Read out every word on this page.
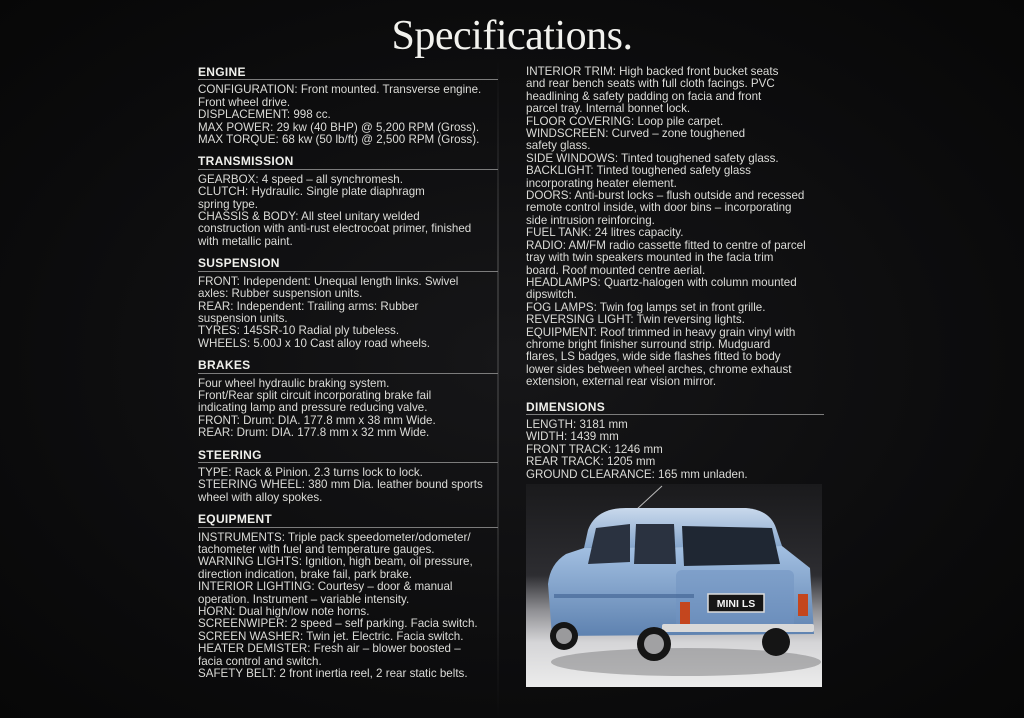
Specifications.
ENGINE
CONFIGURATION: Front mounted. Transverse engine.
Front wheel drive.
DISPLACEMENT: 998 cc.
MAX POWER: 29 kw (40 BHP) @ 5,200 RPM (Gross).
MAX TORQUE: 68 kw (50 lb/ft) @ 2,500 RPM (Gross).
TRANSMISSION
GEARBOX: 4 speed – all synchromesh.
CLUTCH: Hydraulic. Single plate diaphragm
spring type.
CHASSIS & BODY: All steel unitary welded
construction with anti-rust electrocoat primer, finished
with metallic paint.
SUSPENSION
FRONT: Independent: Unequal length links. Swivel
axles: Rubber suspension units.
REAR: Independent: Trailing arms: Rubber
suspension units.
TYRES: 145SR-10 Radial ply tubeless.
WHEELS: 5.00J x 10 Cast alloy road wheels.
BRAKES
Four wheel hydraulic braking system.
Front/Rear split circuit incorporating brake fail
indicating lamp and pressure reducing valve.
FRONT: Drum: DIA. 177.8 mm x 38 mm Wide.
REAR: Drum: DIA. 177.8 mm x 32 mm Wide.
STEERING
TYPE: Rack & Pinion. 2.3 turns lock to lock.
STEERING WHEEL: 380 mm Dia. leather bound sports
wheel with alloy spokes.
EQUIPMENT
INSTRUMENTS: Triple pack speedometer/odometer/
tachometer with fuel and temperature gauges.
WARNING LIGHTS: Ignition, high beam, oil pressure,
direction indication, brake fail, park brake.
INTERIOR LIGHTING: Courtesy – door & manual
operation. Instrument – variable intensity.
HORN: Dual high/low note horns.
SCREENWIPER: 2 speed – self parking. Facia switch.
SCREEN WASHER: Twin jet. Electric. Facia switch.
HEATER DEMISTER: Fresh air – blower boosted –
facia control and switch.
SAFETY BELT: 2 front inertia reel, 2 rear static belts.
INTERIOR TRIM: High backed front bucket seats
and rear bench seats with full cloth facings. PVC
headlining & safety padding on facia and front
parcel tray. Internal bonnet lock.
FLOOR COVERING: Loop pile carpet.
WINDSCREEN: Curved – zone toughened
safety glass.
SIDE WINDOWS: Tinted toughened safety glass.
BACKLIGHT: Tinted toughened safety glass
incorporating heater element.
DOORS: Anti-burst locks – flush outside and recessed
remote control inside, with door bins – incorporating
side intrusion reinforcing.
FUEL TANK: 24 litres capacity.
RADIO: AM/FM radio cassette fitted to centre of parcel
tray with twin speakers mounted in the facia trim
board. Roof mounted centre aerial.
HEADLAMPS: Quartz-halogen with column mounted
dipswitch.
FOG LAMPS: Twin fog lamps set in front grille.
REVERSING LIGHT: Twin reversing lights.
EQUIPMENT: Roof trimmed in heavy grain vinyl with
chrome bright finisher surround strip. Mudguard
flares, LS badges, wide side flashes fitted to body
lower sides between wheel arches, chrome exhaust
extension, external rear vision mirror.
DIMENSIONS
LENGTH: 3181 mm
WIDTH: 1439 mm
FRONT TRACK: 1246 mm
REAR TRACK: 1205 mm
GROUND CLEARANCE: 165 mm unladen.
MINI LS
